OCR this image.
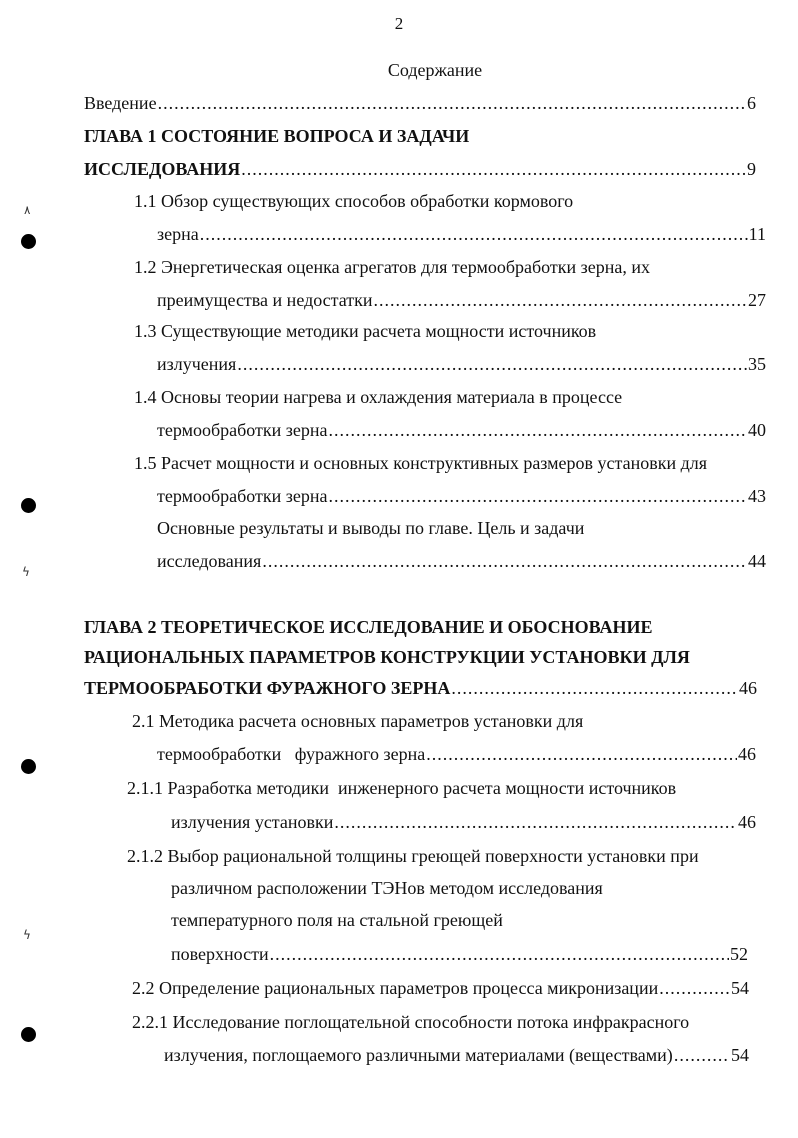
2
Содержание
Введение .....	6
ГЛАВА 1 СОСТОЯНИЕ ВОПРОСА И ЗАДАЧИ
ИССЛЕДОВАНИЯ .....	9
1.1 Обзор существующих способов обработки кормового
зерна .....	11
1.2 Энергетическая оценка агрегатов для термообработки зерна, их
преимущества и недостатки .....	27
1.3 Существующие методики расчета мощности источников
излучения .....	35
1.4 Основы теории нагрева и охлаждения материала в процессе
термообработки зерна .....	40
1.5 Расчет мощности и основных конструктивных размеров установки для
термообработки зерна .....	43
Основные результаты и выводы по главе. Цель и задачи
исследования .....	44
ГЛАВА 2 ТЕОРЕТИЧЕСКОЕ ИССЛЕДОВАНИЕ И ОБОСНОВАНИЕ
РАЦИОНАЛЬНЫХ ПАРАМЕТРОВ КОНСТРУКЦИИ УСТАНОВКИ ДЛЯ
ТЕРМООБРАБОТКИ ФУРАЖНОГО ЗЕРНА .....	46
2.1 Методика расчета основных параметров установки для
термообработки   фуражного зерна .....	46
2.1.1 Разработка методики  инженерного расчета мощности источников
излучения установки .....	46
2.1.2 Выбор рациональной толщины греющей поверхности установки при
различном расположении ТЭНов методом исследования
температурного поля на стальной греющей
поверхности .....	52
2.2 Определение рациональных параметров процесса микронизации .....	54
2.2.1 Исследование поглощательной способности потока инфракрасного
излучения, поглощаемого различными материалами (веществами) .....	54
٨
ϟ
ϟ
